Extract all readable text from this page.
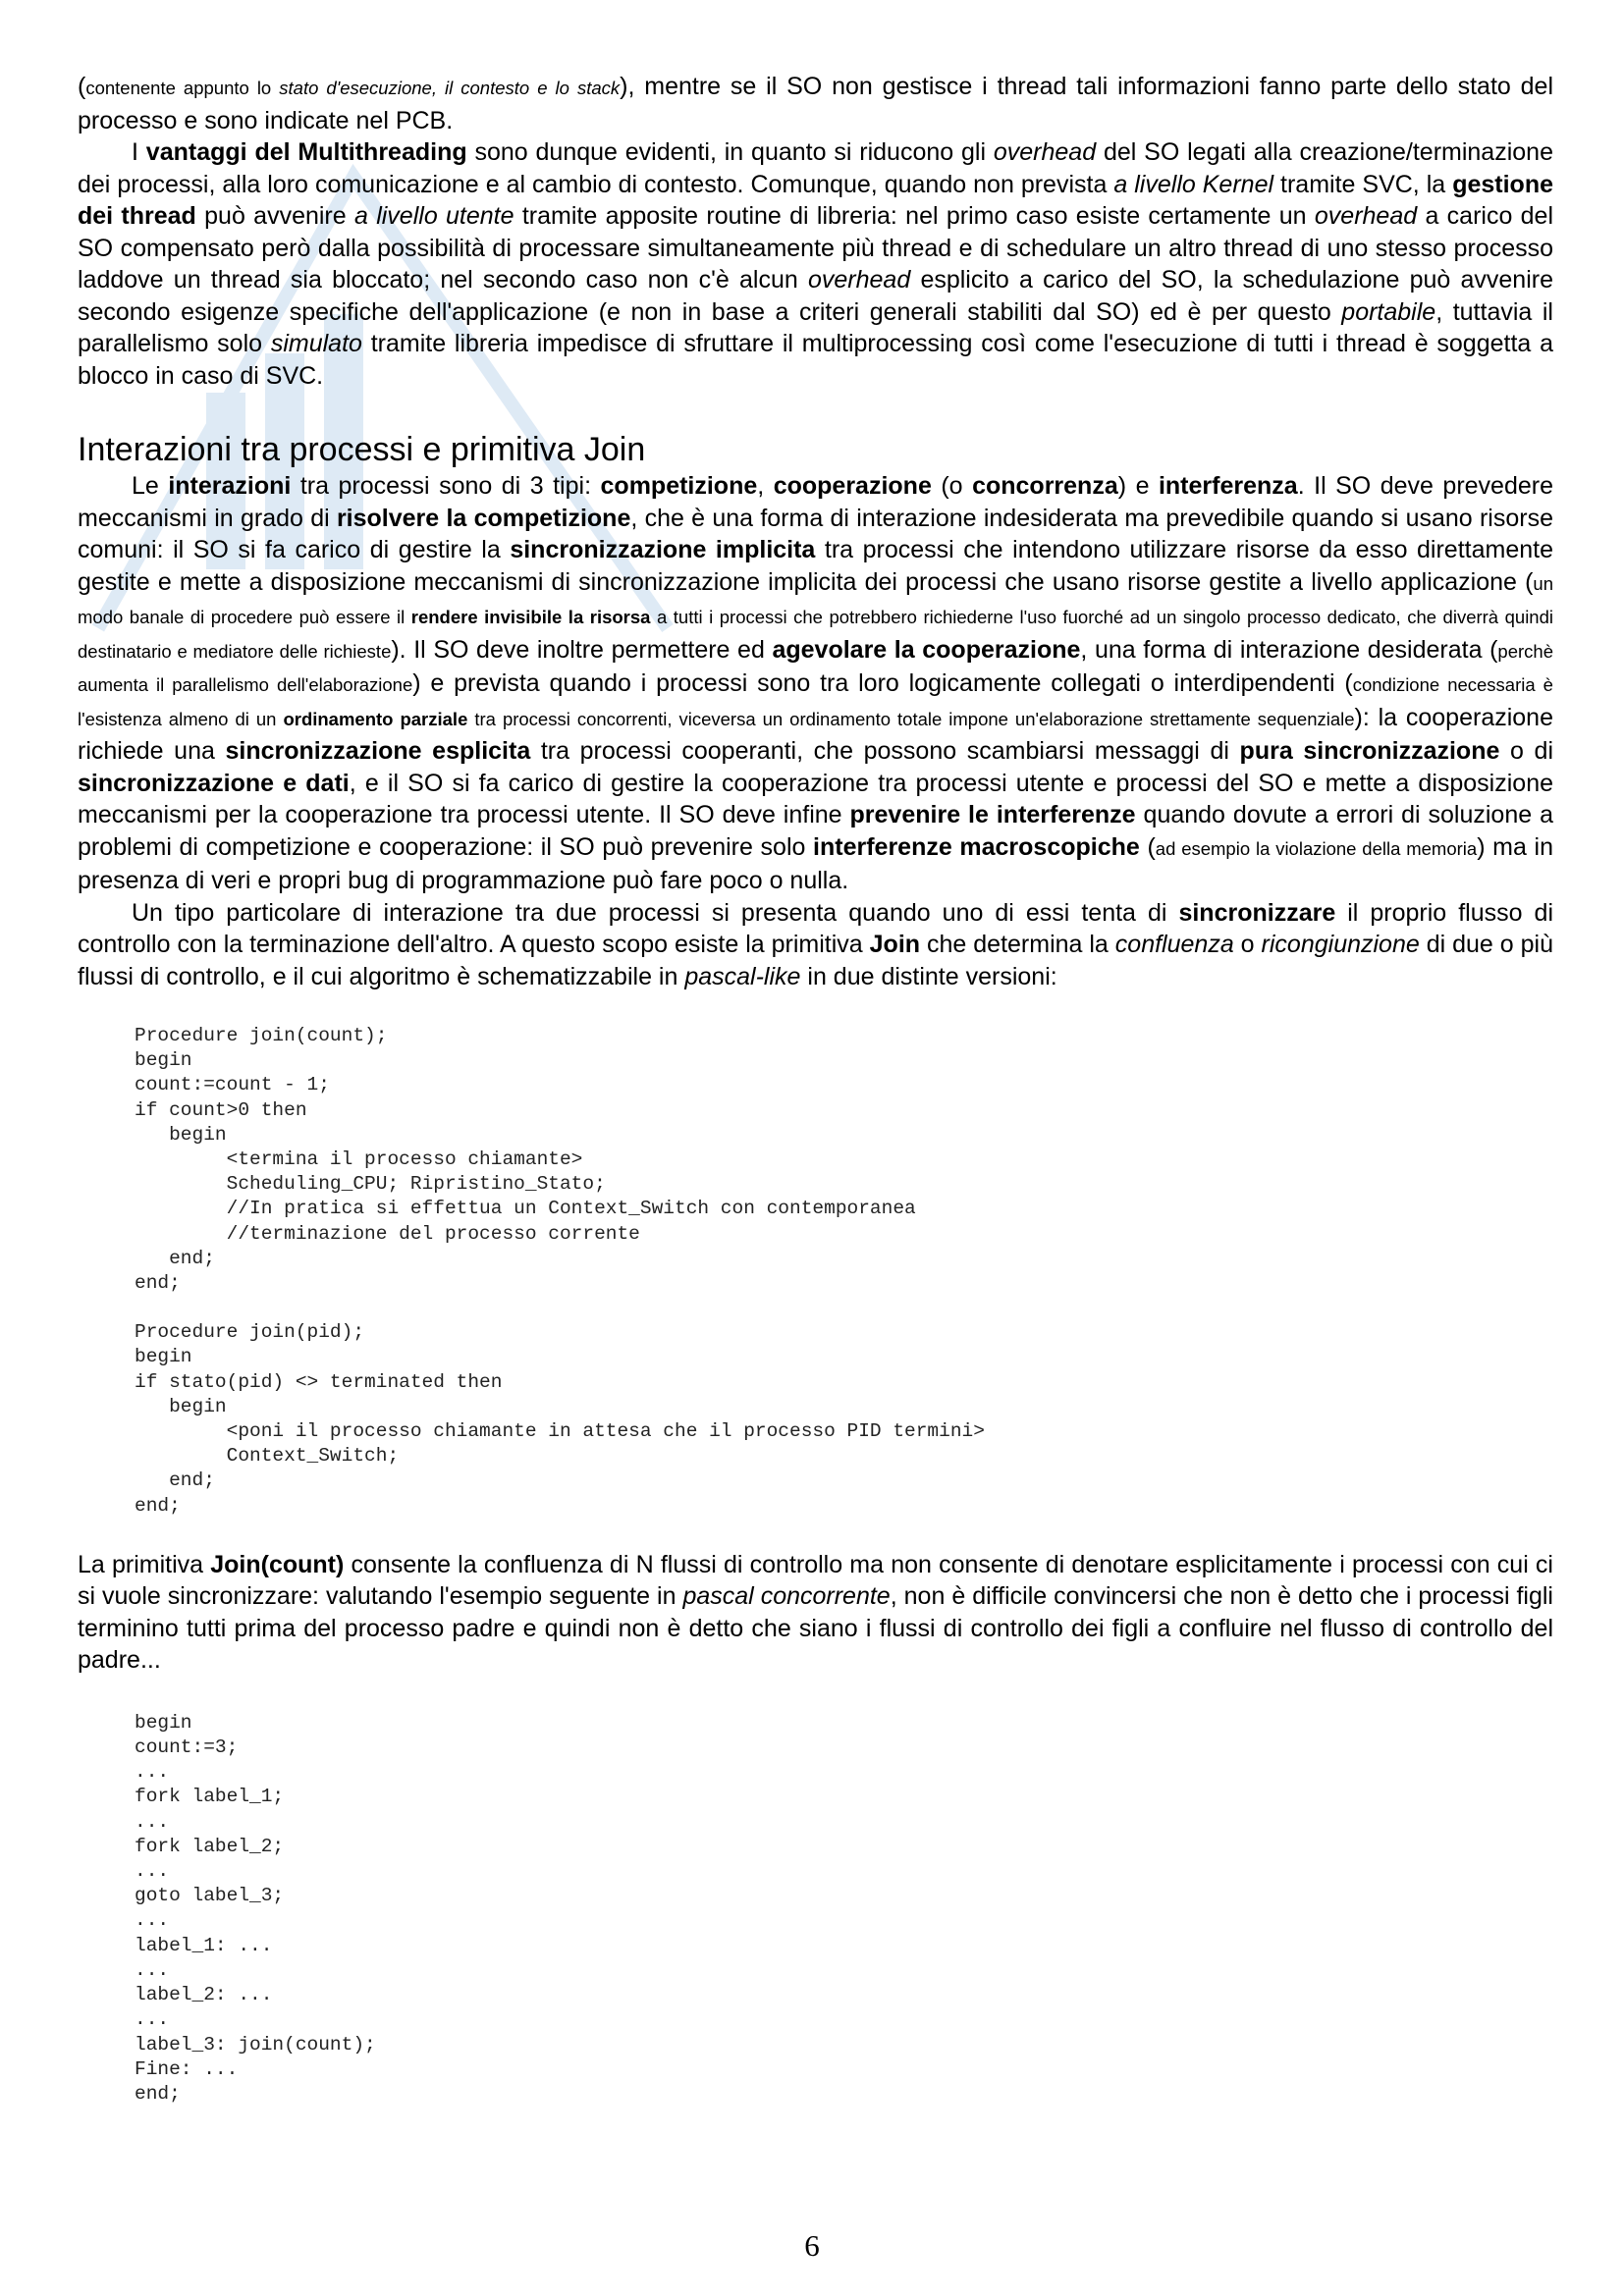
(contenente appunto lo stato d'esecuzione, il contesto e lo stack), mentre se il SO non gestisce i thread tali informazioni fanno parte dello stato del processo e sono indicate nel PCB.

I vantaggi del Multithreading sono dunque evidenti, in quanto si riducono gli overhead del SO legati alla creazione/terminazione dei processi, alla loro comunicazione e al cambio di contesto. Comunque, quando non prevista a livello Kernel tramite SVC, la gestione dei thread può avvenire a livello utente tramite apposite routine di libreria: nel primo caso esiste certamente un overhead a carico del SO compensato però dalla possibilità di processare simultaneamente più thread e di schedulare un altro thread di uno stesso processo laddove un thread sia bloccato; nel secondo caso non c'è alcun overhead esplicito a carico del SO, la schedulazione può avvenire secondo esigenze specifiche dell'applicazione (e non in base a criteri generali stabiliti dal SO) ed è per questo portabile, tuttavia il parallelismo solo simulato tramite libreria impedisce di sfruttare il multiprocessing così come l'esecuzione di tutti i thread è soggetta a blocco in caso di SVC.

Interazioni tra processi e primitiva Join

Le interazioni tra processi sono di 3 tipi: competizione, cooperazione (o concorrenza) e interferenza. Il SO deve prevedere meccanismi in grado di risolvere la competizione, che è una forma di interazione indesiderata ma prevedibile quando si usano risorse comuni: il SO si fa carico di gestire la sincronizzazione implicita tra processi che intendono utilizzare risorse da esso direttamente gestite e mette a disposizione meccanismi di sincronizzazione implicita dei processi che usano risorse gestite a livello applicazione (un modo banale di procedere può essere il rendere invisibile la risorsa a tutti i processi che potrebbero richiederne l'uso fuorché ad un singolo processo dedicato, che diverrà quindi destinatario e mediatore delle richieste). Il SO deve inoltre permettere ed agevolare la cooperazione, una forma di interazione desiderata (perchè aumenta il parallelismo dell'elaborazione) e prevista quando i processi sono tra loro logicamente collegati o interdipendenti (condizione necessaria è l'esistenza almeno di un ordinamento parziale tra processi concorrenti, viceversa un ordinamento totale impone un'elaborazione strettamente sequenziale): la cooperazione richiede una sincronizzazione esplicita tra processi cooperanti, che possono scambiarsi messaggi di pura sincronizzazione o di sincronizzazione e dati, e il SO si fa carico di gestire la cooperazione tra processi utente e processi del SO e mette a disposizione meccanismi per la cooperazione tra processi utente. Il SO deve infine prevenire le interferenze quando dovute a errori di soluzione a problemi di competizione e cooperazione: il SO può prevenire solo interferenze macroscopiche (ad esempio la violazione della memoria) ma in presenza di veri e propri bug di programmazione può fare poco o nulla.

Un tipo particolare di interazione tra due processi si presenta quando uno di essi tenta di sincronizzare il proprio flusso di controllo con la terminazione dell'altro. A questo scopo esiste la primitiva Join che determina la confluenza o ricongiunzione di due o più flussi di controllo, e il cui algoritmo è schematizzabile in pascal-like in due distinte versioni:

Procedure join(count);
begin
count:=count - 1;
if count>0 then
begin
<termina il processo chiamante>
Scheduling_CPU; Ripristino_Stato;
//In pratica si effettua un Context_Switch con contemporanea
//terminazione del processo corrente
end;
end;
Procedure join(pid);
begin
if stato(pid) <> terminated then
begin
<poni il processo chiamante in attesa che il processo PID termini>
Context_Switch;
end;
end;

La primitiva Join(count) consente la confluenza di N flussi di controllo ma non consente di denotare esplicitamente i processi con cui ci si vuole sincronizzare: valutando l'esempio seguente in pascal concorrente, non è difficile convincersi che non è detto che i processi figli terminino tutti prima del processo padre e quindi non è detto che siano i flussi di controllo dei figli a confluire nel flusso di controllo del padre...

begin
count:=3;
...
fork label_1;
...
fork label_2;
...
goto label_3;
...
label_1: ...
...
label_2: ...
...
label_3: join(count);
Fine: ...
end;
6
